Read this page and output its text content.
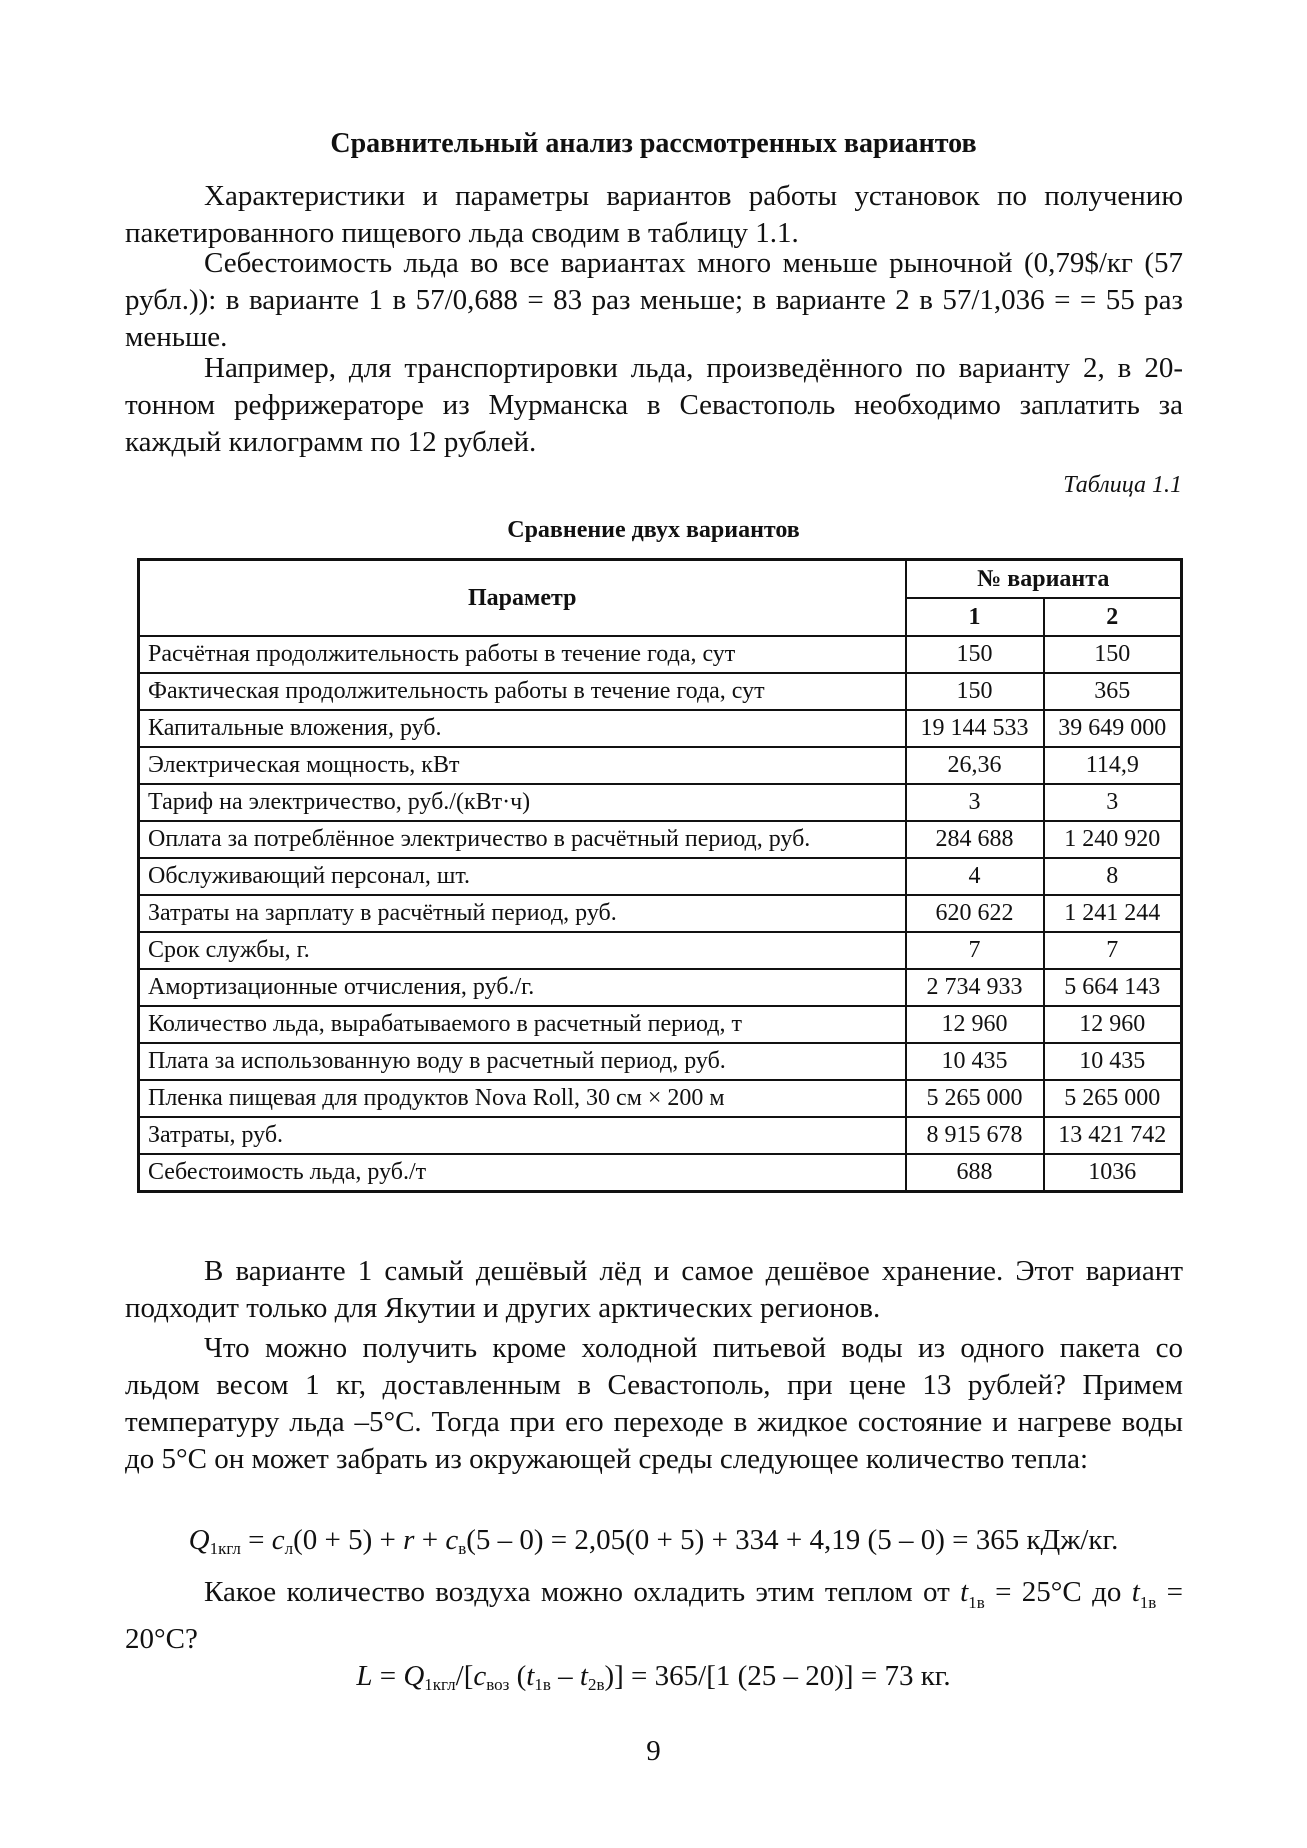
Сравнительный анализ рассмотренных вариантов

Характеристики и параметры вариантов работы установок по получению пакетированного пищевого льда сводим в таблицу 1.1.

Себестоимость льда во все вариантах много меньше рыночной (0,79$/кг (57 рубл.)): в варианте 1 в 57/0,688 = 83 раз меньше; в варианте 2 в 57/1,036 = = 55 раз меньше.

Например, для транспортировки льда, произведённого по варианту 2, в 20-тонном рефрижераторе из Мурманска в Севастополь необходимо заплатить за каждый килограмм по 12 рублей.

Таблица 1.1
Сравнение двух вариантов
Параметр	№ варианта	
	1	2
Расчётная продолжительность работы в течение года, сут	150	150
Фактическая продолжительность работы в течение года, сут	150	365
Капитальные вложения, руб.	19 144 533	39 649 000
Электрическая мощность, кВт	26,36	114,9
Тариф на электричество, руб./(кВт·ч)	3	3
Оплата за потреблённое электричество в расчётный период, руб.	284 688	1 240 920
Обслуживающий персонал, шт.	4	8
Затраты на зарплату в расчётный период, руб.	620 622	1 241 244
Срок службы, г.	7	7
Амортизационные отчисления, руб./г.	2 734 933	5 664 143
Количество льда, вырабатываемого в расчетный период, т	12 960	12 960
Плата за использованную воду в расчетный период, руб.	10 435	10 435
Пленка пищевая для продуктов Nova Roll, 30 см × 200 м	5 265 000	5 265 000
Затраты, руб.	8 915 678	13 421 742
Себестоимость льда, руб./т	688	1036

В варианте 1 самый дешёвый лёд и самое дешёвое хранение. Этот вариант подходит только для Якутии и других арктических регионов.

Что можно получить кроме холодной питьевой воды из одного пакета со льдом весом 1 кг, доставленным в Севастополь, при цене 13 рублей? Примем температуру льда –5°С. Тогда при его переходе в жидкое состояние и нагреве воды до 5°С он может забрать из окружающей среды следующее количество тепла:

$Q_{1кгл} = c_л(0 + 5) + r + c_в(5 - 0) = 2,05(0 + 5) + 334 + 4,19$ (5 – 0) = 365 кДж/кг.

Какое количество воздуха можно охладить этим теплом от $t_{1в} = 25^\circ С$ до $t_{1в} = 20^\circ С$?

$L = Q_{1кгл}/[c_{воз}$ $(t_{1в} - t_{2в})] = 365/[1$ (25 – 20)] = 73 кг.
9
